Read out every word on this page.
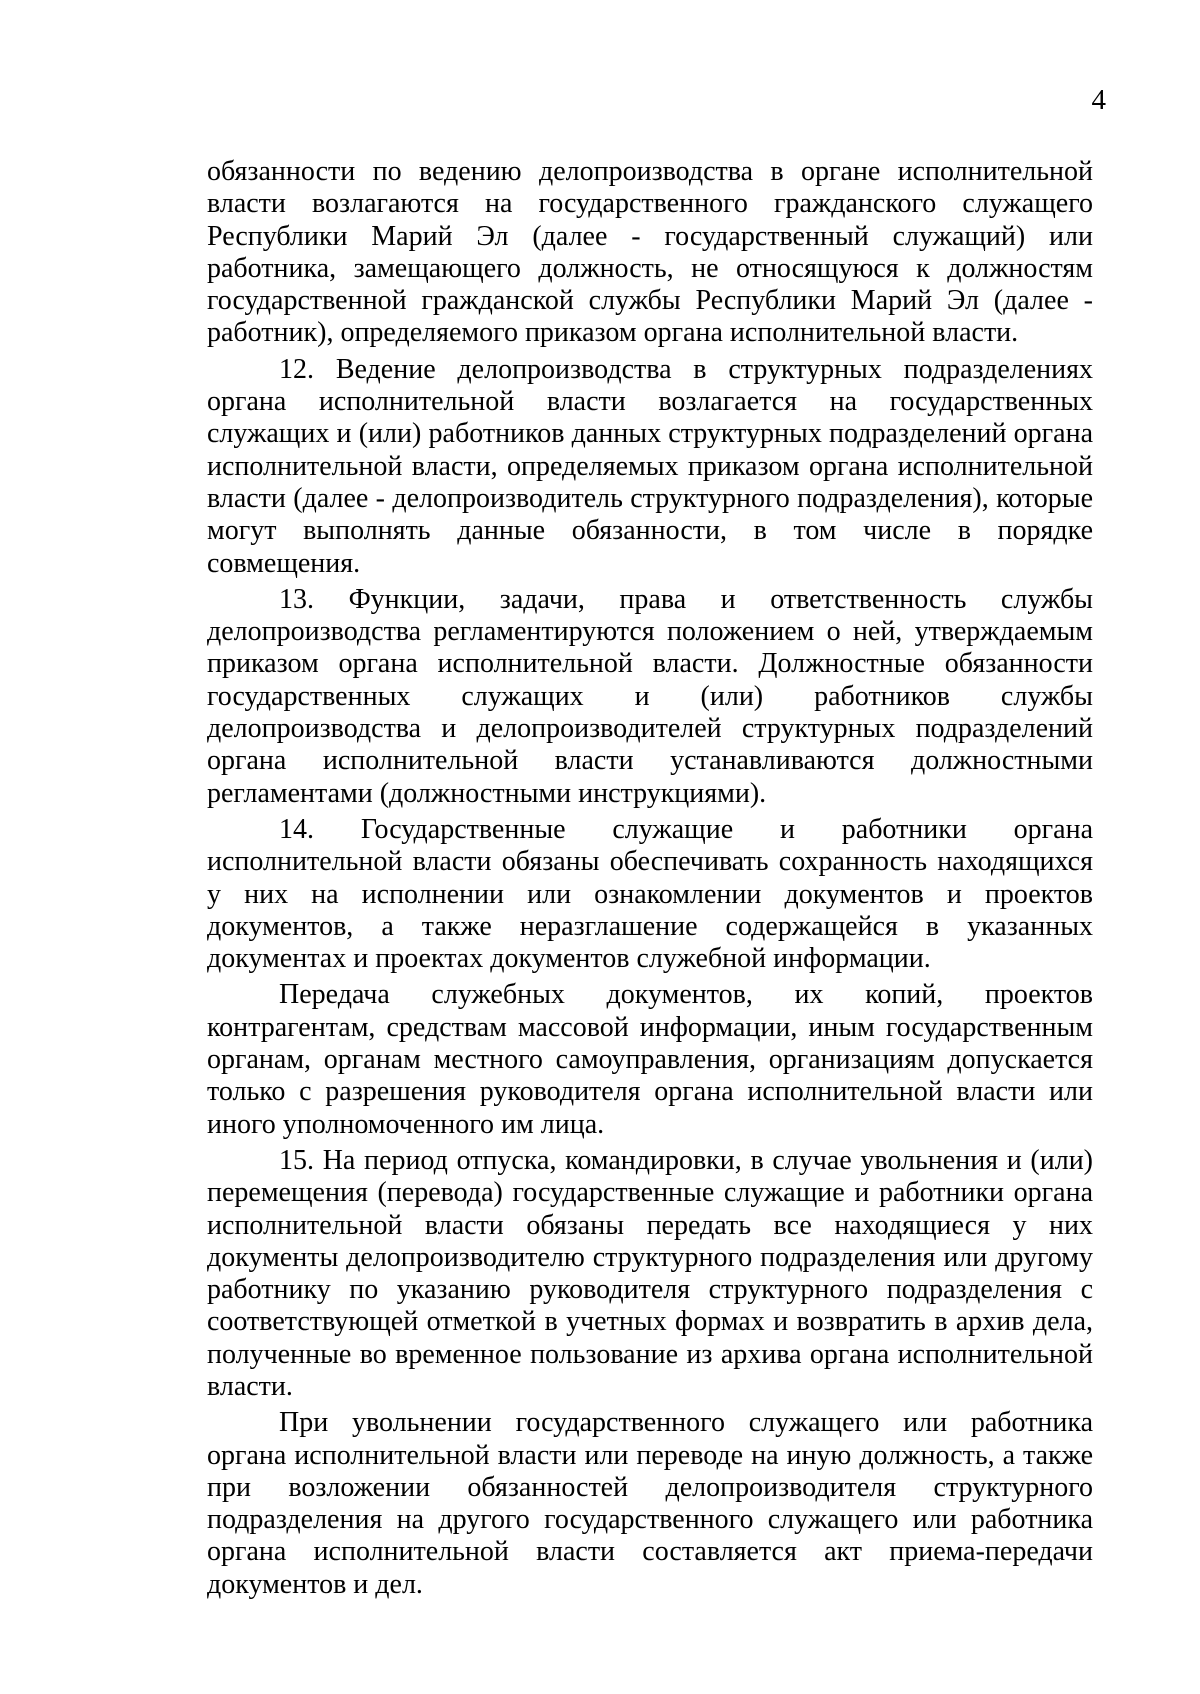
4

обязанности по ведению делопроизводства в органе исполнительной власти возлагаются на государственного гражданского служащего Республики Марий Эл (далее - государственный служащий) или работника, замещающего должность, не относящуюся к должностям государственной гражданской службы Республики Марий Эл (далее - работник), определяемого приказом органа исполнительной власти.

12. Ведение делопроизводства в структурных подразделениях органа исполнительной власти возлагается на государственных служащих и (или) работников данных структурных подразделений органа исполнительной власти, определяемых приказом органа исполнительной власти (далее - делопроизводитель структурного подразделения), которые могут выполнять данные обязанности, в том числе в порядке совмещения.

13. Функции, задачи, права и ответственность службы делопроизводства регламентируются положением о ней, утверждаемым приказом органа исполнительной власти. Должностные обязанности государственных служащих и (или) работников службы делопроизводства и делопроизводителей структурных подразделений органа исполнительной власти устанавливаются должностными регламентами (должностными инструкциями).

14. Государственные служащие и работники органа исполнительной власти обязаны обеспечивать сохранность находящихся у них на исполнении или ознакомлении документов и проектов документов, а также неразглашение содержащейся в указанных документах и проектах документов служебной информации.

Передача служебных документов, их копий, проектов контрагентам, средствам массовой информации, иным государственным органам, органам местного самоуправления, организациям допускается только с разрешения руководителя органа исполнительной власти или иного уполномоченного им лица.

15. На период отпуска, командировки, в случае увольнения и (или) перемещения (перевода) государственные служащие и работники органа исполнительной власти обязаны передать все находящиеся у них документы делопроизводителю структурного подразделения или другому работнику по указанию руководителя структурного подразделения с соответствующей отметкой в учетных формах и возвратить в архив дела, полученные во временное пользование из архива органа исполнительной власти.

При увольнении государственного служащего или работника органа исполнительной власти или переводе на иную должность, а также при возложении обязанностей делопроизводителя структурного подразделения на другого государственного служащего или работника органа исполнительной власти составляется акт приема-передачи документов и дел.
